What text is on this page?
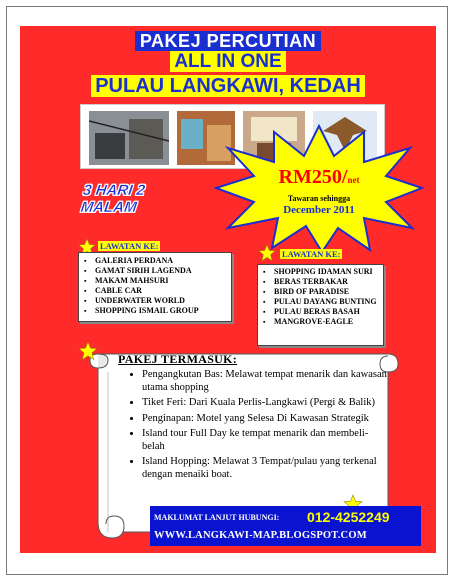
PAKEJ PERCUTIAN
ALL IN ONE
PULAU LANGKAWI, KEDAH
RM250/net
Tawaran sehingga
December 2011
3 HARI 2 MALAM
LAWATAN KE:
▪ GALERIA PERDANA
▪ GAMAT SIRIH LAGENDA
▪ MAKAM MAHSURI
▪ CABLE CAR
▪ UNDERWATER WORLD
▪ SHOPPING ISMAIL GROUP
LAWATAN KE:
▪ SHOPPING IDAMAN SURI
▪ BERAS TERBAKAR
▪ BIRD OF PARADISE
▪ PULAU DAYANG BUNTING
▪ PULAU BERAS BASAH
▪ MANGROVE-EAGLE
PAKEJ TERMASUK:
• Pengangkutan Bas: Melawat tempat menarik dan kawasan utama shopping
• Tiket Feri: Dari Kuala Perlis-Langkawi (Pergi & Balik)
• Penginapan: Motel yang Selesa Di Kawasan Strategik
• Island tour Full Day ke tempat menarik dan membeli-belah
• Island Hopping: Melawat 3 Tempat/pulau yang terkenal dengan menaiki boat.
MAKLUMAT LANJUT HUBUNGI: 012-4252249
WWW.LANGKAWI-MAP.BLOGSPOT.COM
